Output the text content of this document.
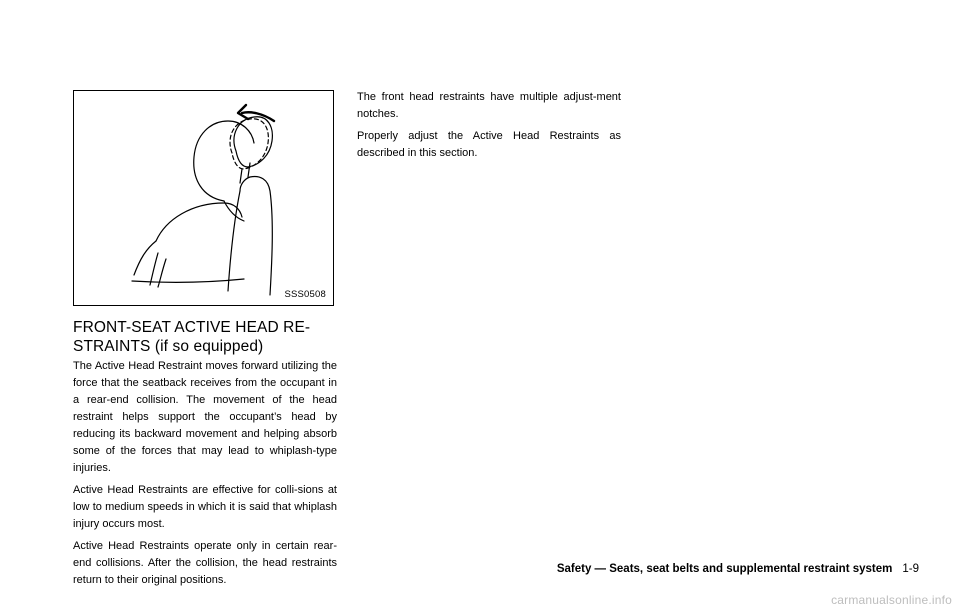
SSS0508
FRONT-SEAT ACTIVE HEAD RE-
STRAINTS (if so equipped)

The Active Head Restraint moves forward utilizing the force that the seatback receives from the occupant in a rear-end collision. The movement of the head restraint helps support the occupant’s head by reducing its backward movement and helping absorb some of the forces that may lead to whiplash-type injuries.

Active Head Restraints are effective for colli-sions at low to medium speeds in which it is said that whiplash injury occurs most.

Active Head Restraints operate only in certain rear-end collisions. After the collision, the head restraints return to their original positions.

The front head restraints have multiple adjust-ment notches.

Properly adjust the Active Head Restraints as described in this section.

Safety — Seats, seat belts and supplemental restraint system 1-9
carmanualsonline.info
